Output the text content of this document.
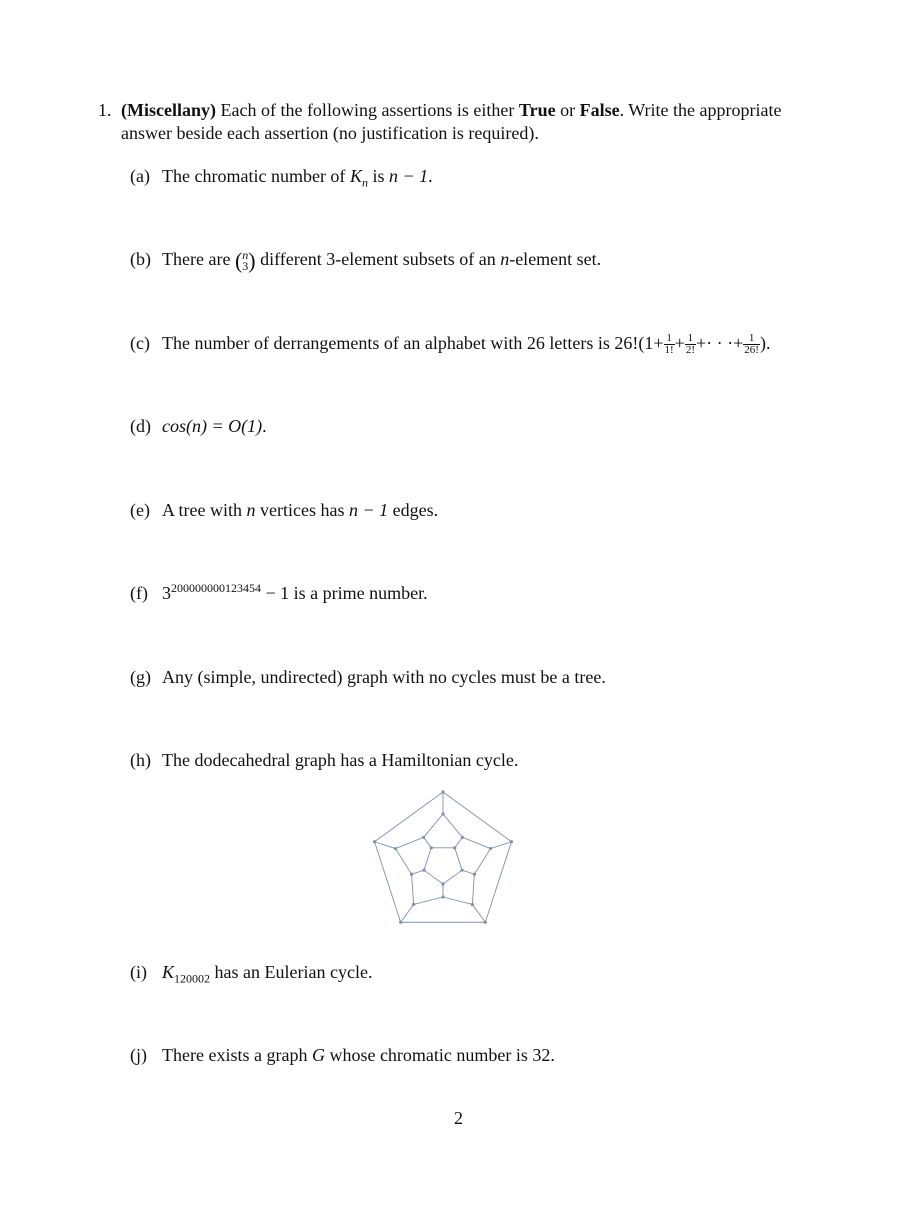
1. (Miscellany) Each of the following assertions is either True or False. Write the appropriate answer beside each assertion (no justification is required).
(a) The chromatic number of $K_n$ is n − 1.
(b) There are ( n
3 ) different 3-element subsets of an n-element set.
(c) The number of derrangements of an alphabet with 26 letters is $26!(1+ \frac{1}{1!} + \frac{1}{2!}$ +· · ·+ $\frac{1}{26!}$ ).
(d) cos(n) = O(1).
(e) A tree with n vertices has n − 1 edges.
(f) $3^{200000000123454} - 1$ is a prime number.
(g) Any (simple, undirected) graph with no cycles must be a tree.
(h) The dodecahedral graph has a Hamiltonian cycle.
(i) $K_{120002}$ has an Eulerian cycle.
(j) There exists a graph G whose chromatic number is 32.
2
